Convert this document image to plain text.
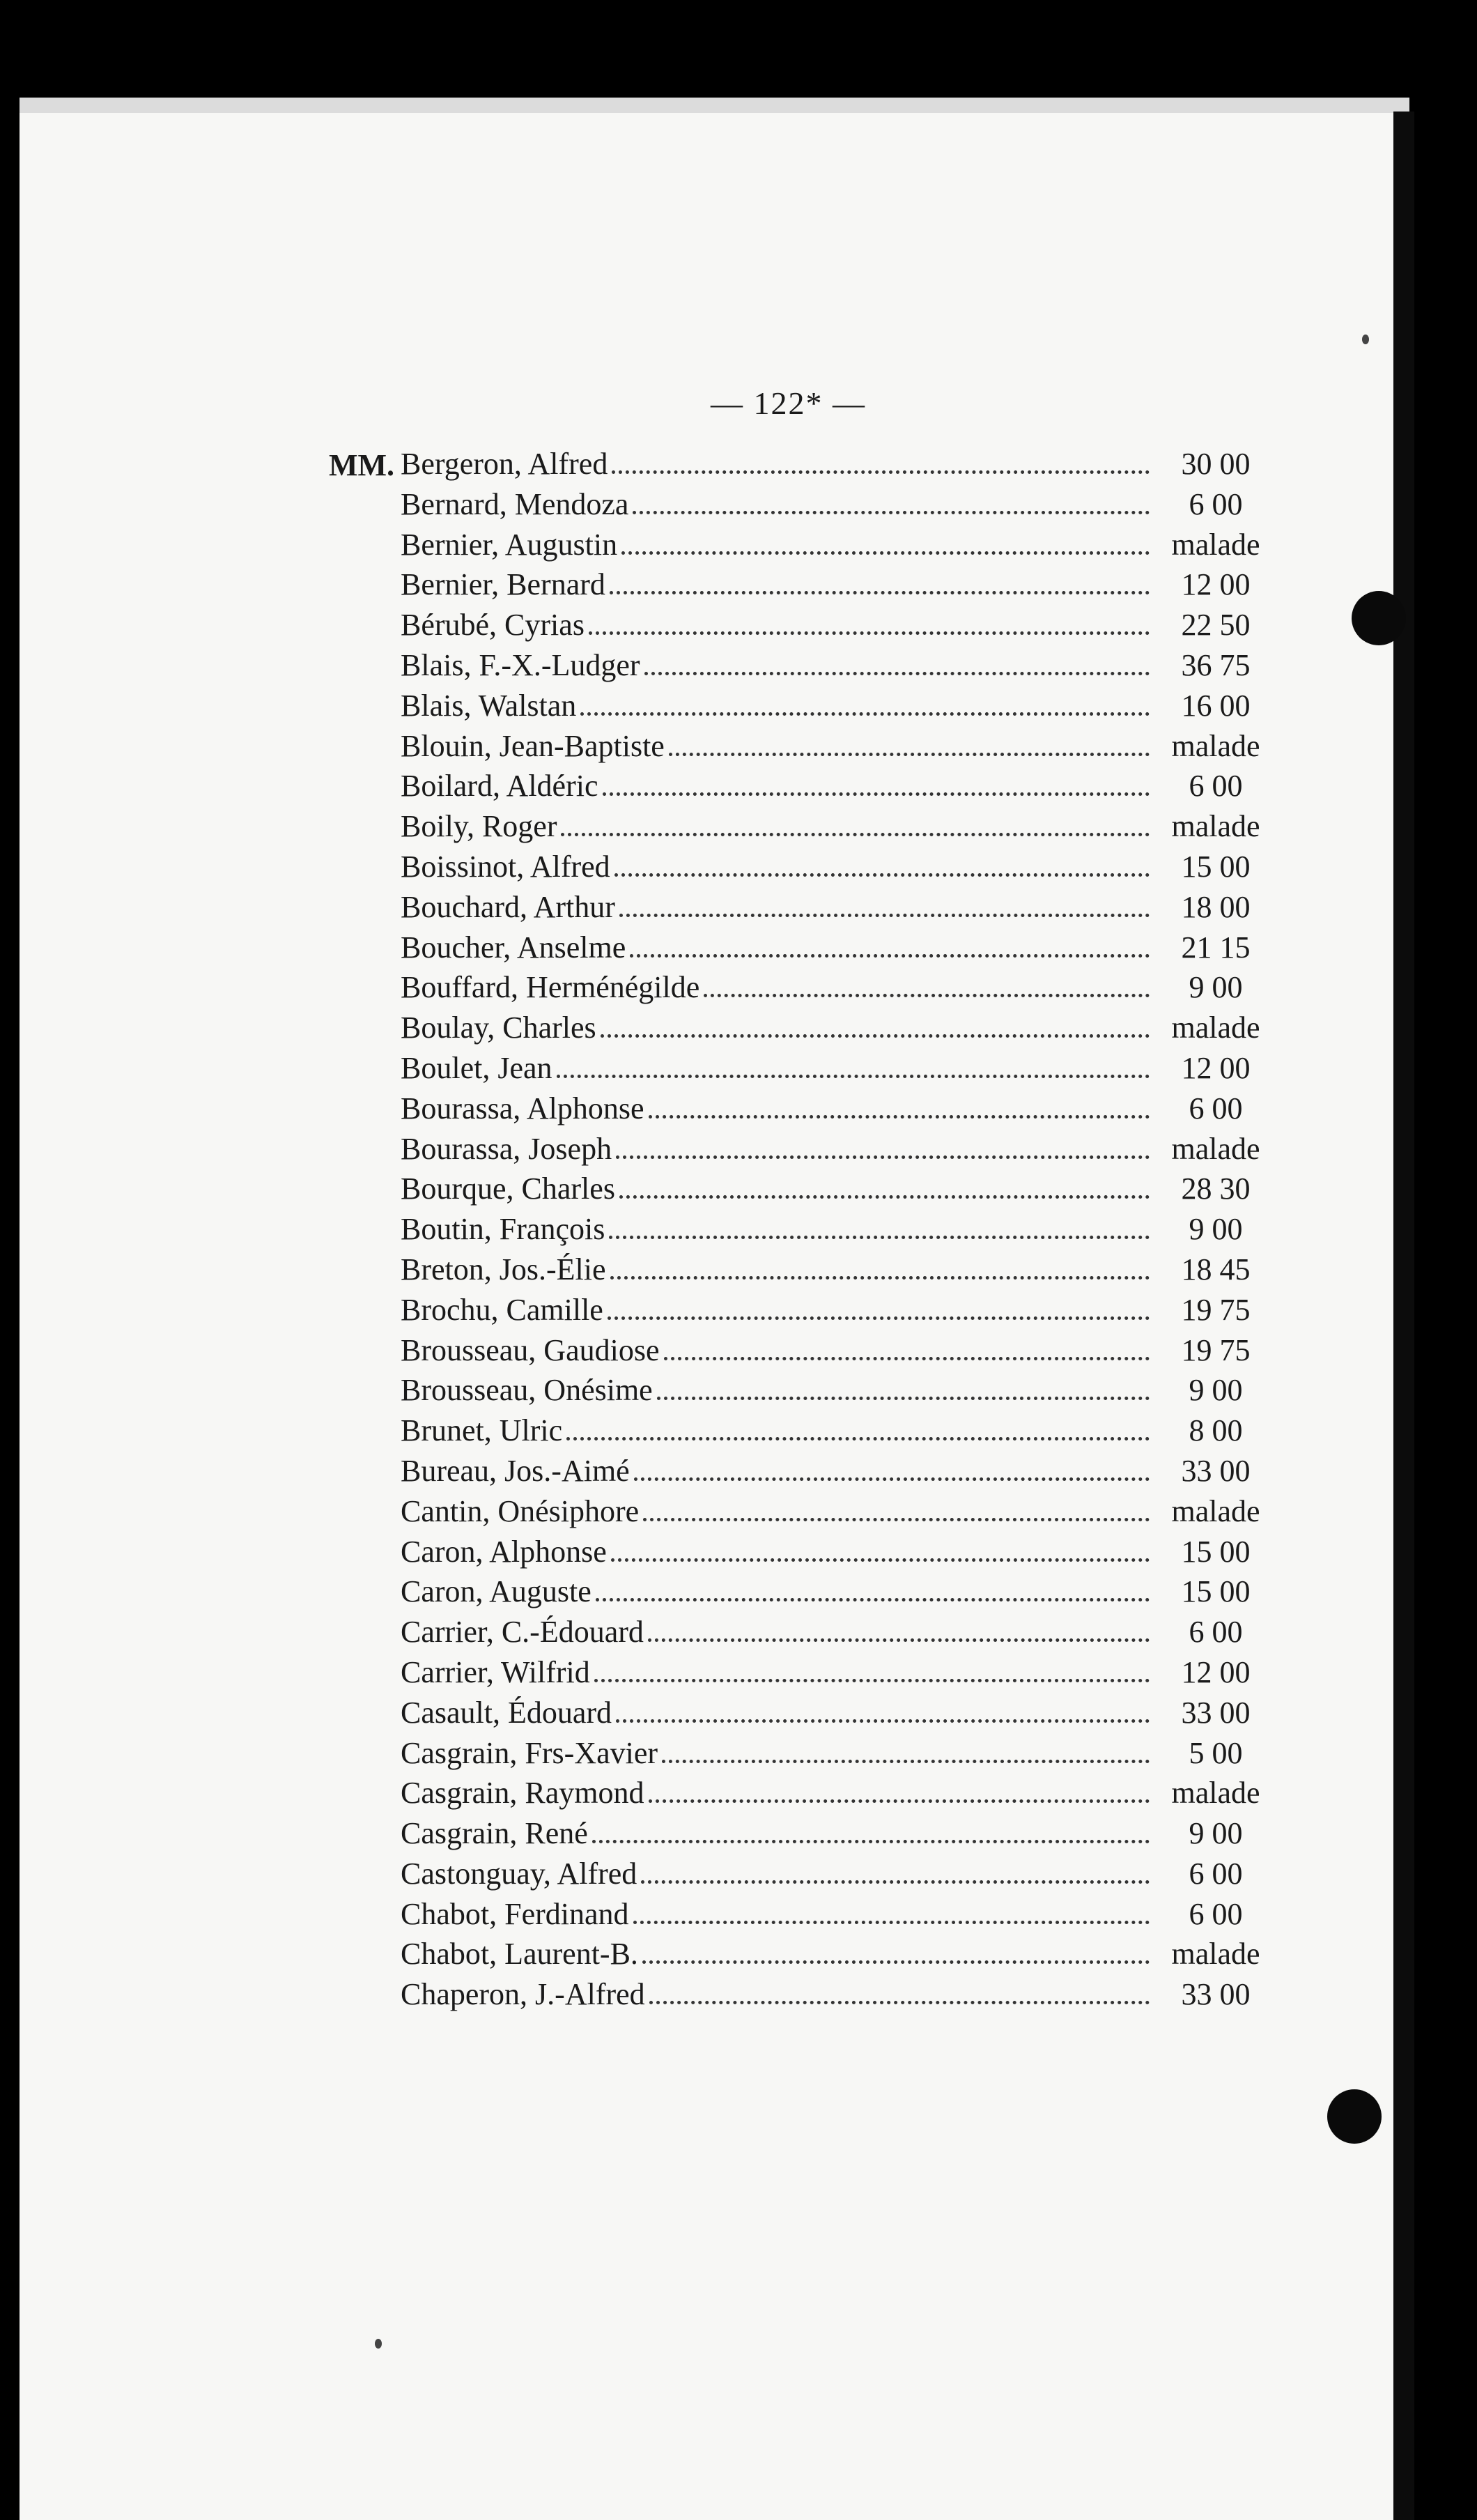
— 122* —
MM. Bergeron, Alfred	30 00
Bernard, Mendoza	6 00
Bernier, Augustin	malade
Bernier, Bernard	12 00
Bérubé, Cyrias	22 50
Blais, F.-X.-Ludger	36 75
Blais, Walstan	16 00
Blouin, Jean-Baptiste	malade
Boilard, Aldéric	6 00
Boily, Roger	malade
Boissinot, Alfred	15 00
Bouchard, Arthur	18 00
Boucher, Anselme	21 15
Bouffard, Herménégilde	9 00
Boulay, Charles	malade
Boulet, Jean	12 00
Bourassa, Alphonse	6 00
Bourassa, Joseph	malade
Bourque, Charles	28 30
Boutin, François	9 00
Breton, Jos.-Élie	18 45
Brochu, Camille	19 75
Brousseau, Gaudiose	19 75
Brousseau, Onésime	9 00
Brunet, Ulric	8 00
Bureau, Jos.-Aimé	33 00
Cantin, Onésiphore	malade
Caron, Alphonse	15 00
Caron, Auguste	15 00
Carrier, C.-Édouard	6 00
Carrier, Wilfrid	12 00
Casault, Édouard	33 00
Casgrain, Frs-Xavier	5 00
Casgrain, Raymond	malade
Casgrain, René	9 00
Castonguay, Alfred	6 00
Chabot, Ferdinand	6 00
Chabot, Laurent-B.	malade
Chaperon, J.-Alfred	33 00
